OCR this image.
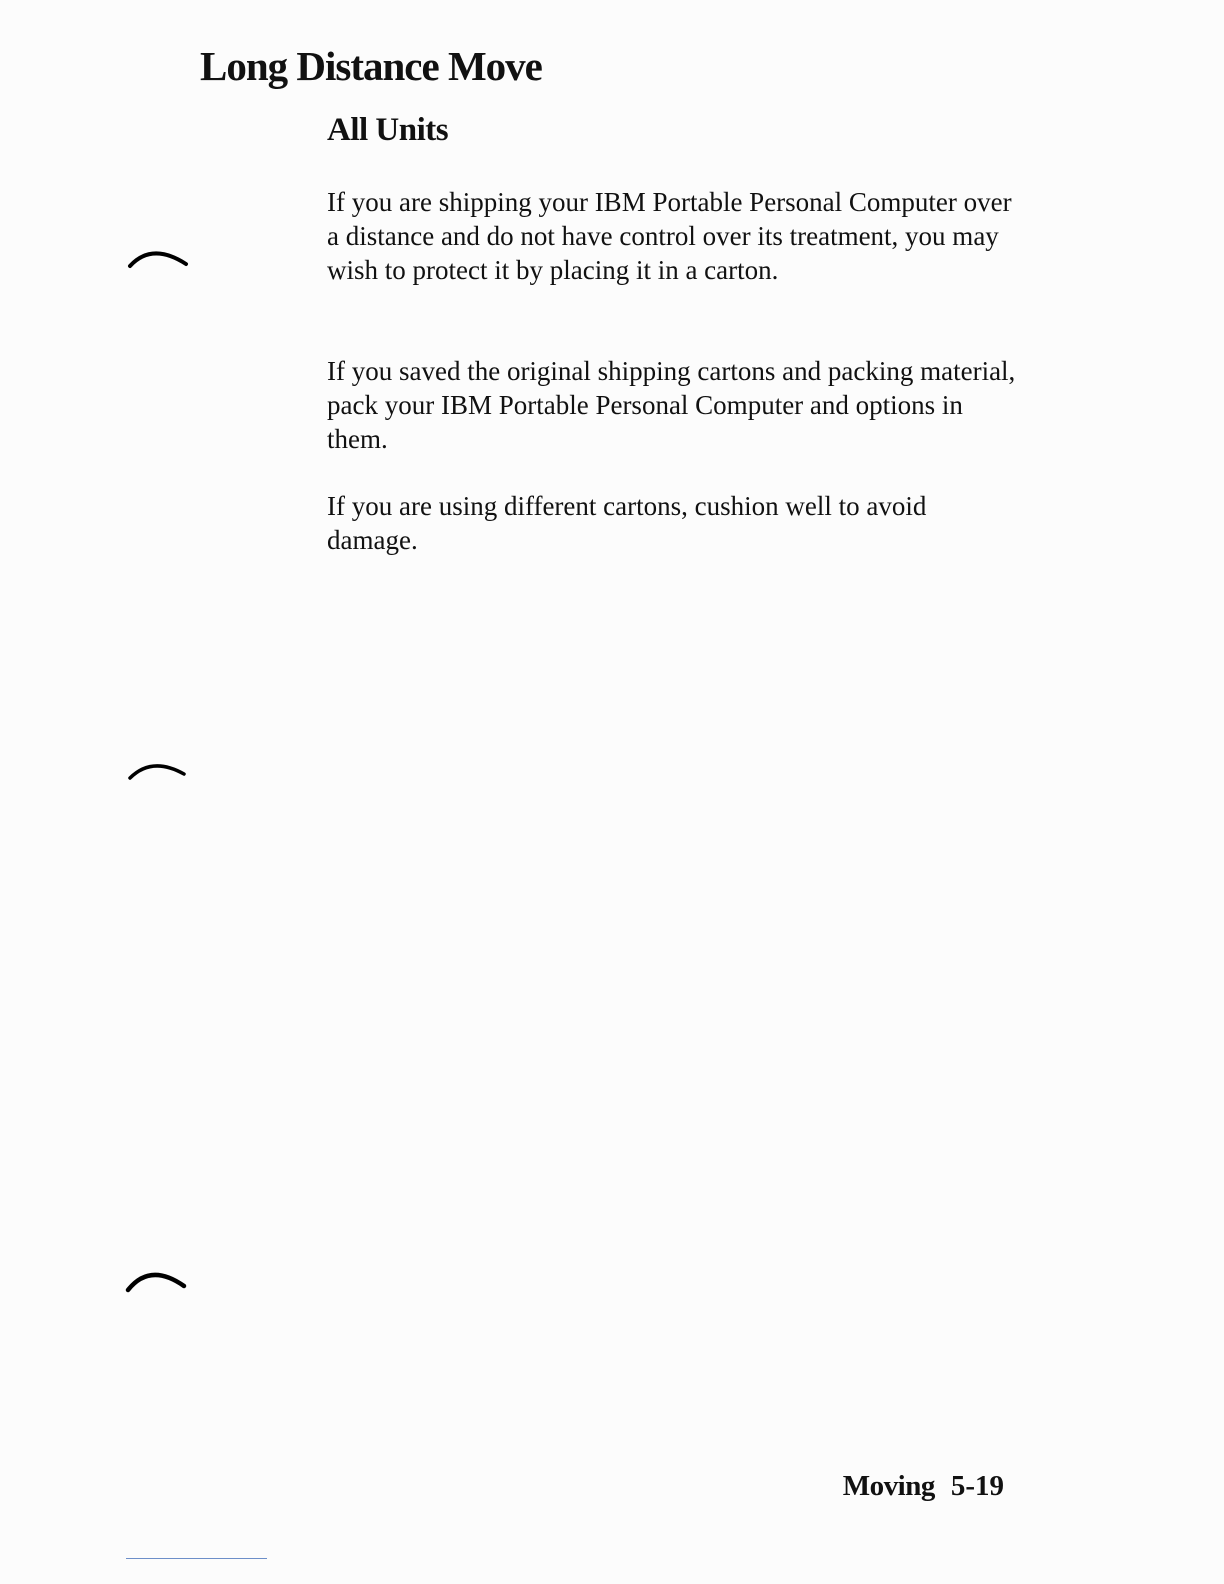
Long Distance Move
All Units

If you are shipping your IBM Portable Personal Computer over a distance and do not have control over its treatment, you may wish to protect it by placing it in a carton.

If you saved the original shipping cartons and packing material, pack your IBM Portable Personal Computer and options in them.

If you are using different cartons, cushion well to avoid damage.

Moving 5-19
